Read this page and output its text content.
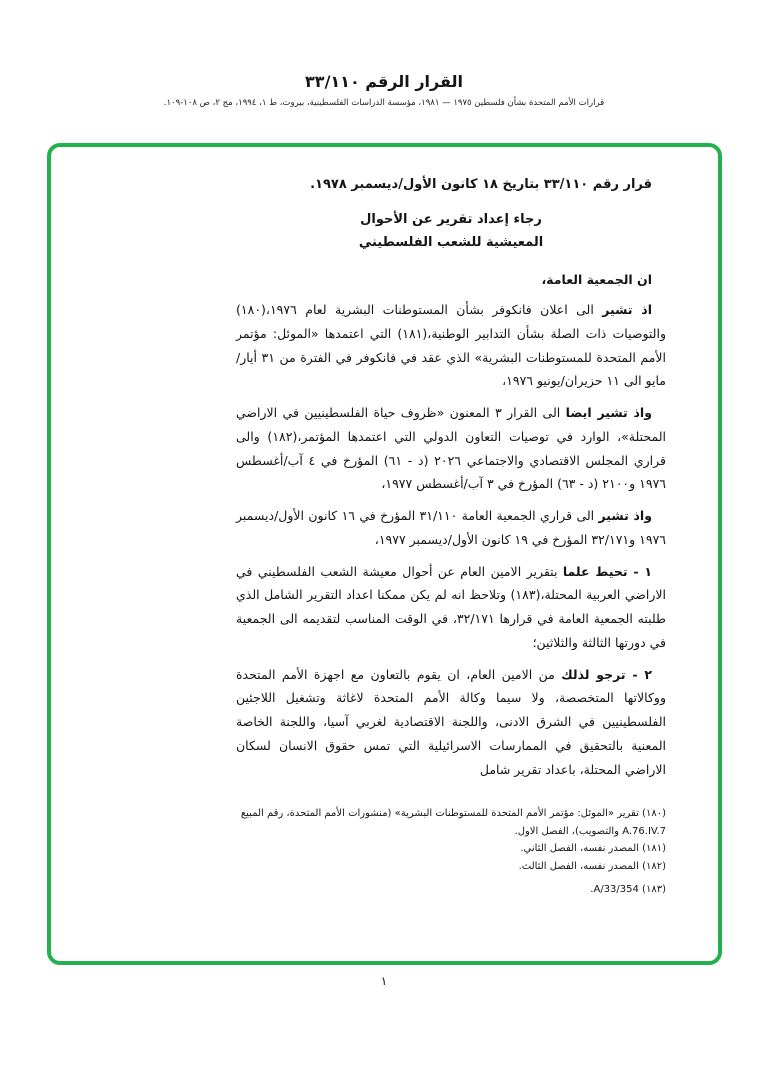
القرار الرقم ٣٣/١١٠
قرارات الأمم المتحدة بشأن فلسطين ١٩٧٥ — ١٩٨١، مؤسسة الدراسات الفلسطينية، بيروت، ط ١، ١٩٩٤، مج ٢، ص ١٠٨-١٠٩.

قرار رقم ٣٣/١١٠ بتاريخ ١٨ كانون الأول/ديسمبر ١٩٧٨.

رجاء إعداد تقرير عن الأحوال

المعيشية للشعب الفلسطيني

ان الجمعية العامة،

اذ تشير الى اعلان فانكوفر بشأن المستوطنات البشرية لعام ١٩٧٦،(١٨٠) والتوصيات ذات الصلة بشأن التدابير الوطنية،(١٨١) التي اعتمدها «الموئل: مؤتمر الأمم المتحدة للمستوطنات البشرية» الذي عقد في فانكوفر في الفترة من ٣١ أيار/مايو الى ١١ حزيران/يونيو ١٩٧٦،

واذ تشير ايضا الى القرار ٣ المعنون «ظروف حياة الفلسطينيين في الاراضي المحتلة»، الوارد في توصيات التعاون الدولي التي اعتمدها المؤتمر،(١٨٢) والى قراري المجلس الاقتصادي والاجتماعي ٢٠٢٦ (د - ٦١) المؤرخ في ٤ آب/أغسطس ١٩٧٦ و٢١٠٠ (د - ٦٣) المؤرخ في ٣ آب/أغسطس ١٩٧٧،

واذ تشير الى قراري الجمعية العامة ٣١/١١٠ المؤرخ في ١٦ كانون الأول/ديسمبر ١٩٧٦ و٣٢/١٧١ المؤرخ في ١٩ كانون الأول/ديسمبر ١٩٧٧،

١ - تحيط علما بتقرير الامين العام عن أحوال معيشة الشعب الفلسطيني في الاراضي العربية المحتلة،(١٨٣) وتلاحظ انه لم يكن ممكنا اعداد التقرير الشامل الذي طلبته الجمعية العامة في قرارها ٣٢/١٧١، في الوقت المناسب لتقديمه الى الجمعية في دورتها الثالثة والثلاثين؛

٢ - ترجو لذلك من الامين العام، ان يقوم بالتعاون مع اجهزة الأمم المتحدة ووكالاتها المتخصصة، ولا سيما وكالة الأمم المتحدة لاغاثة وتشغيل اللاجئين الفلسطينيين في الشرق الادنى، واللجنة الاقتصادية لغربي آسيا، واللجنة الخاصة المعنية بالتحقيق في الممارسات الاسرائيلية التي تمس حقوق الانسان لسكان الاراضي المحتلة، باعداد تقرير شامل

(١٨٠) تقرير «الموئل: مؤتمر الأمم المتحدة للمستوطنات البشرية» (منشورات الأمم المتحدة، رقم المبيع A.76.IV.7 والتصويب)، الفصل الاول.

(١٨١) المصدر نفسه، الفصل الثاني.

(١٨٢) المصدر نفسه، الفصل الثالث.

(١٨٣) A/33/354.

١
